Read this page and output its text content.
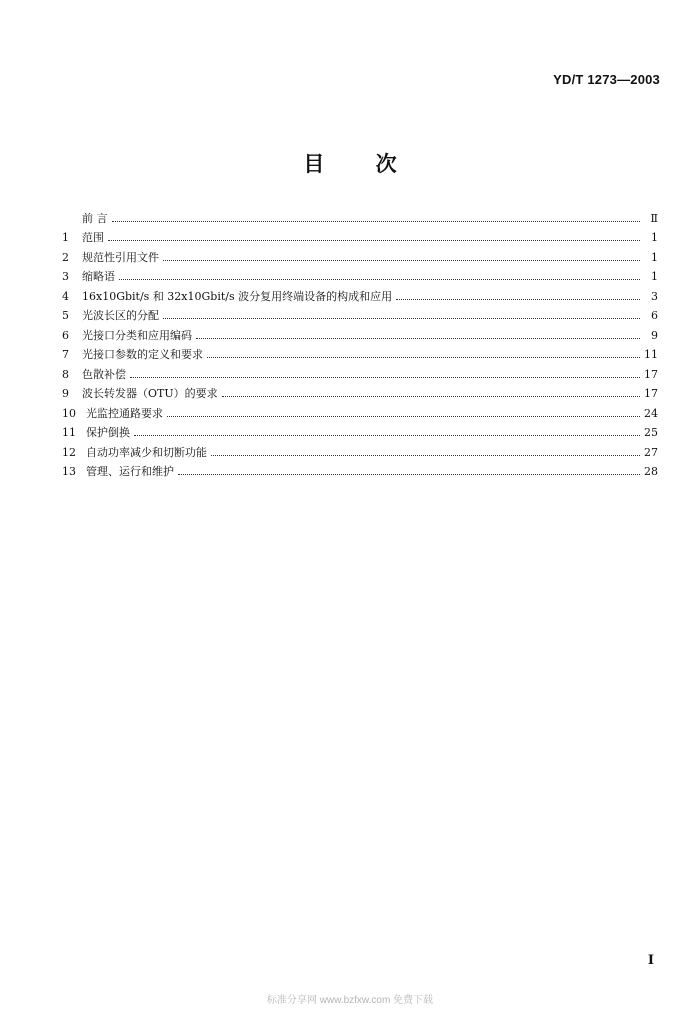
YD/T 1273—2003
目 次
前 言	Ⅱ
1	范围	1
2	规范性引用文件	1
3	缩略语	1
4	16x10Gbit/s 和 32x10Gbit/s 波分复用终端设备的构成和应用	3
5	光波长区的分配	6
6	光接口分类和应用编码	9
7	光接口参数的定义和要求	11
8	色散补偿	17
9	波长转发器（OTU）的要求	17
10 光监控通路要求	24
11 保护倒换	25
12 自动功率减少和切断功能	27
13 管理、运行和维护	28
I
标准分享网 www.bzfxw.com 免费下载
